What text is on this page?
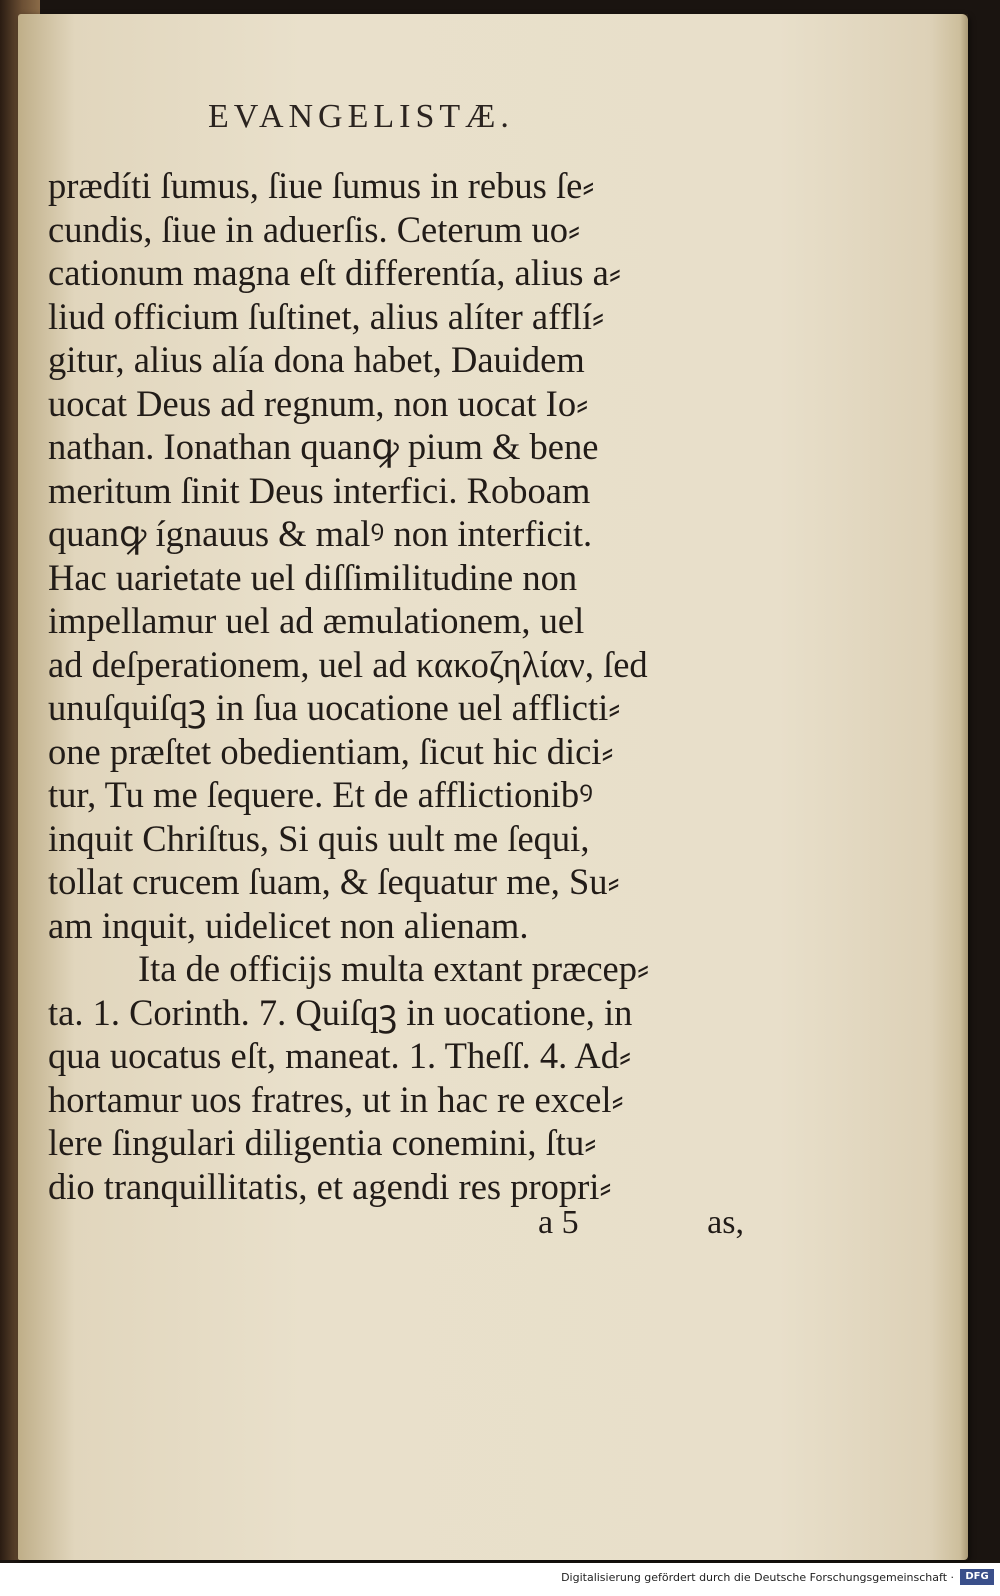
EVANGELISTÆ.
prædíti ſumus, ſiue ſumus in rebus ſe⸗
cundis, ſiue in aduerſis. Ceterum uo⸗
cationum magna eſt differentía, alius a⸗
liud officium ſuſtinet, alius alíter afflí⸗
gitur, alius alía dona habet, Dauidem
uocat Deus ad regnum, non uocat Io⸗
nathan. Ionathan quanꝙ pium & bene
meritum ſinit Deus interfici. Roboam
quanꝙ ígnauus & malꝰ non interficit.
Hac uarietate uel diſſimilitudine non
impellamur uel ad æmulationem, uel
ad deſperationem, uel ad κακοζηλίαν, ſed
unuſquiſqꝫ in ſua uocatione uel afflicti⸗
one præſtet obedientiam, ſicut hic dici⸗
tur, Tu me ſequere. Et de afflictionibꝰ
inquit Chriſtus, Si quis uult me ſequi,
tollat crucem ſuam, & ſequatur me, Su⸗
am inquit, uidelicet non alienam.
Ita de officijs multa extant præcep⸗
ta. 1. Corinth. 7. Quiſqꝫ in uocatione, in
qua uocatus eſt, maneat. 1. Theſſ. 4. Ad⸗
hortamur uos fratres, ut in hac re excel⸗
lere ſingulari diligentia conemini, ſtu⸗
dio tranquillitatis, et agendi res propri⸗
a 5	as,
Digitalisierung gefördert durch die Deutsche Forschungsgemeinschaft ·	DFG
